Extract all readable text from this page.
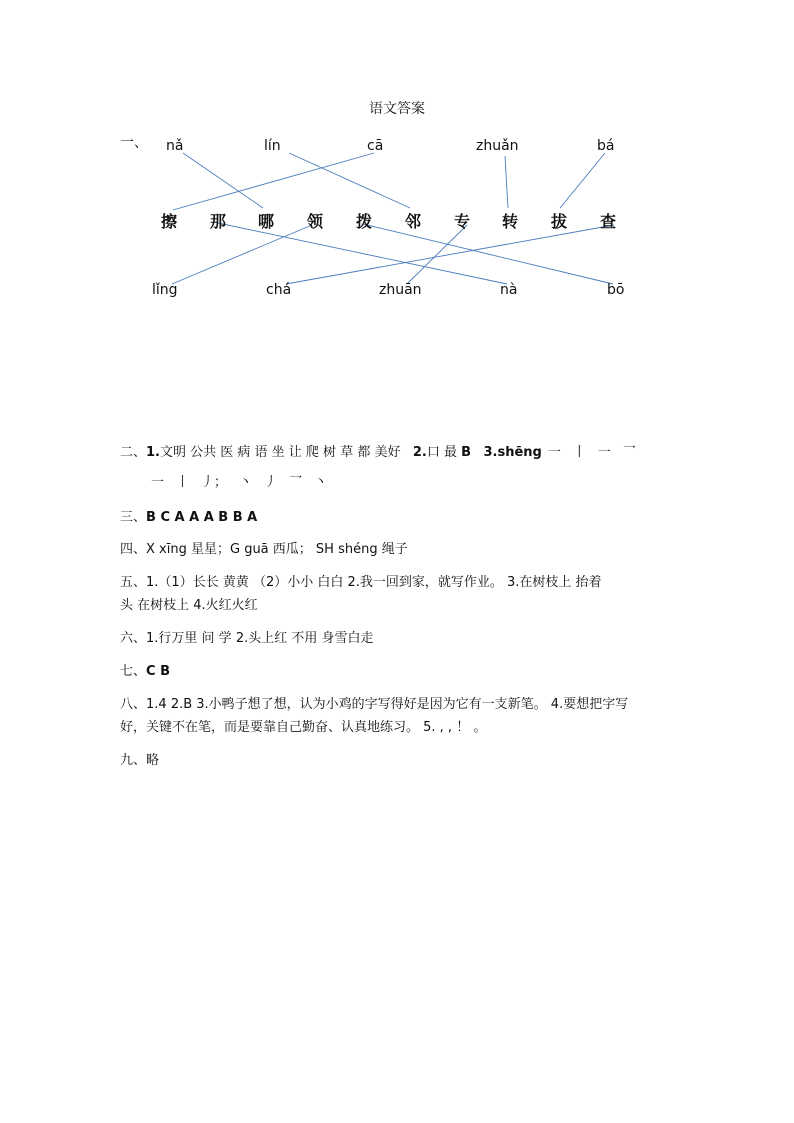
语文答案
一、 nǎ	lín	cā	zhuǎn	bá
擦 那 哪 领 拨 邻 专 转 拔 查
lǐng	chá	zhuān	nà	bō
二、1.文明 公共 医 病 语 坐 让 爬 树 草 都 美好 2.口 最 B 3.shēng 一 丨 一 乛
一 丨 丿； 丶 丿 乛 丶
三、B C A A A B B A
四、X xīng 星星；G guā 西瓜； SH shéng 绳子
五、1.（1）长长 黄黄 （2）小小 白白 2.我一回到家，就写作业。 3.在树枝上 抬着
头 在树枝上 4.火红火红
六、1.行万里 问 学 2.头上红 不用 身雪白走
七、C B
八、1.4 2.B 3.小鸭子想了想，认为小鸡的字写得好是因为它有一支新笔。 4.要想把字写
好，关键不在笔，而是要靠自己勤奋、认真地练习。 5. , , ！ 。
九、略
